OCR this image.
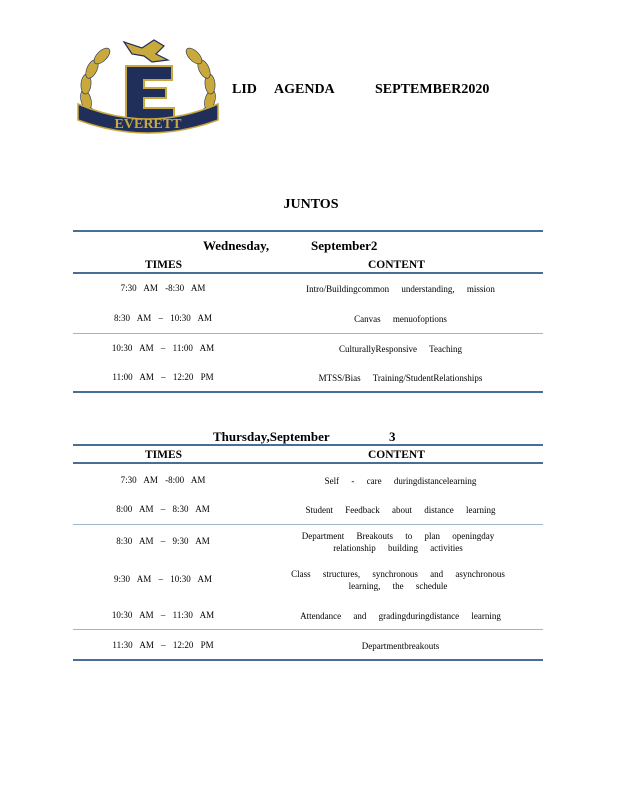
EVERETT
LID AGENDA	SEPTEMBER2020
JUNTOS
Wednesday,	September2
TIMES	CONTENT
7:30 AM -8:30 AM	Intro/Buildingcommon understanding, mission
8:30 AM – 10:30 AM	Canvas menuofoptions
10:30 AM – 11:00 AM	CulturallyResponsive Teaching
11:00 AM – 12:20 PM	MTSS/Bias Training/StudentRelationships
Thursday,September	3
TIMES	CONTENT
7:30 AM -8:00 AM	Self - care duringdistancelearning
8:00 AM – 8:30 AM	Student Feedback about distance learning
8:30 AM – 9:30 AM	Department Breakouts to plan openingday relationship building activities
9:30 AM – 10:30 AM	Class structures, synchronous and asynchronous learning, the schedule
10:30 AM – 11:30 AM	Attendance and gradingduringdistance learning
11:30 AM – 12:20 PM	Departmentbreakouts
